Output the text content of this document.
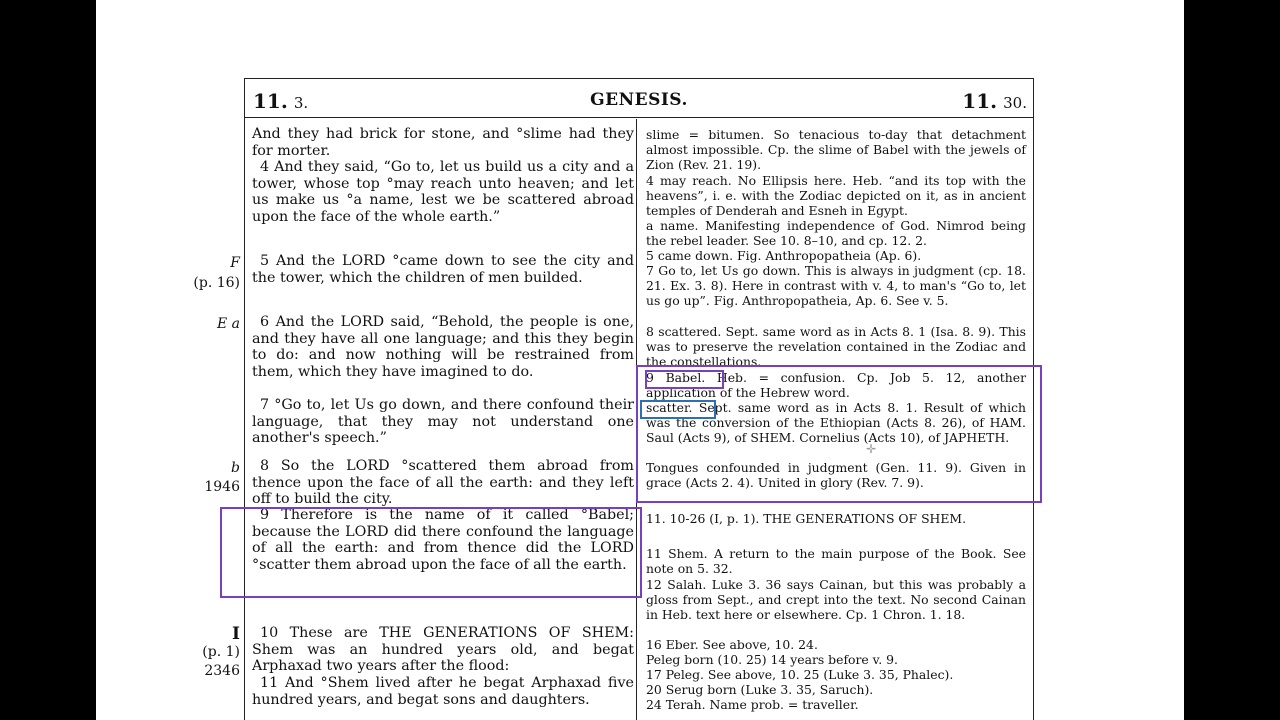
11. 3.	GENESIS.	11. 30.

And they had brick for stone, and °slime had they for morter.

4 And they said, “Go to, let us build us a city and a tower, whose top °may reach unto heaven; and let us make us °a name, lest we be scattered abroad upon the face of the whole earth.”

5 And the LORD °came down to see the city and the tower, which the children of men builded.

6 And the LORD said, “Behold, the people is one, and they have all one language; and this they begin to do: and now nothing will be restrained from them, which they have imagined to do.

7 °Go to, let Us go down, and there confound their language, that they may not understand one another's speech.”

8 So the LORD °scattered them abroad from thence upon the face of all the earth: and they left off to build the city.

9 Therefore is the name of it called °Babel; because the LORD did there confound the language of all the earth: and from thence did the LORD °scatter them abroad upon the face of all the earth.

10 These are THE GENERATIONS OF SHEM: Shem was an hundred years old, and begat Arphaxad two years after the flood:

11 And °Shem lived after he begat Arphaxad five hundred years, and begat sons and daughters.

F
(p. 16)
E a
b
1946
I
(p. 1)
2346

slime = bitumen. So tenacious to-day that detachment almost impossible. Cp. the slime of Babel with the jewels of Zion (Rev. 21. 19).

4 may reach. No Ellipsis here. Heb. “and its top with the heavens”, i. e. with the Zodiac depicted on it, as in ancient temples of Denderah and Esneh in Egypt.

a name. Manifesting independence of God. Nimrod being the rebel leader. See 10. 8–10, and cp. 12. 2.

5 came down. Fig. Anthropopatheia (Ap. 6).

7 Go to, let Us go down. This is always in judgment (cp. 18. 21. Ex. 3. 8). Here in contrast with v. 4, to man's “Go to, let us go up”. Fig. Anthropopatheia, Ap. 6. See v. 5.

8 scattered. Sept. same word as in Acts 8. 1 (Isa. 8. 9). This was to preserve the revelation contained in the Zodiac and the constellations.

9 Babel. Heb. = confusion. Cp. Job 5. 12, another application of the Hebrew word.

scatter. Sept. same word as in Acts 8. 1. Result of which was the conversion of the Ethiopian (Acts 8. 26), of HAM. Saul (Acts 9), of SHEM. Cornelius (Acts 10), of JAPHETH.

Tongues confounded in judgment (Gen. 11. 9). Given in grace (Acts 2. 4). United in glory (Rev. 7. 9).

11. 10-26 (I, p. 1). THE GENERATIONS OF SHEM.

11 Shem. A return to the main purpose of the Book. See note on 5. 32.

12 Salah. Luke 3. 36 says Cainan, but this was probably a gloss from Sept., and crept into the text. No second Cainan in Heb. text here or elsewhere. Cp. 1 Chron. 1. 18.

16 Eber. See above, 10. 24.

Peleg born (10. 25) 14 years before v. 9.

17 Peleg. See above, 10. 25 (Luke 3. 35, Phalec).

20 Serug born (Luke 3. 35, Saruch).

24 Terah. Name prob. = traveller.

✛
